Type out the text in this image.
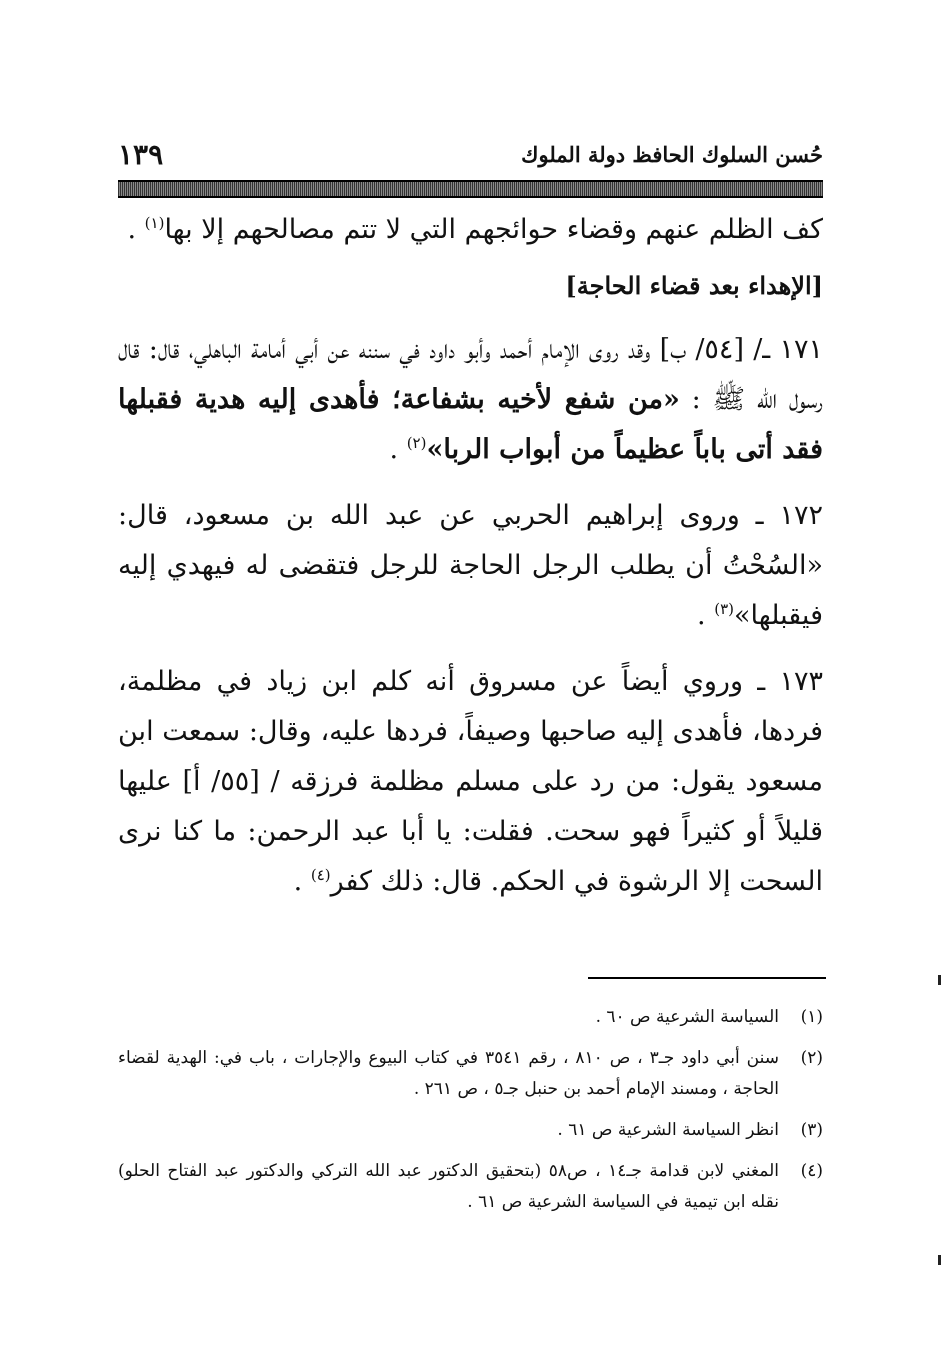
حُسن السلوك الحافظ دولة الملوك
١٣٩

كف الظلم عنهم وقضاء حوائجهم التي لا تتم مصالحهم إلا بها$^{(١)}$ .

[الإهداء بعد قضاء الحاجة]

١٧١ ـ/ [٥٤/ ب] وقد روى الإمام أحمد وأبو داود في سننه عن أبي أمامة الباهلي، قال: قال رسول الله ﷺ : «من شفع لأخيه بشفاعة؛ فأهدى إليه هدية فقبلها فقد أتى باباً عظيماً من أبواب الربا»$^{(٢)}$ .

١٧٢ ـ وروى إبراهيم الحربي عن عبد الله بن مسعود، قال: «السُحْتُ أن يطلب الرجل الحاجة للرجل فتقضى له فيهدي إليه فيقبلها»$^{(٣)}$ .

١٧٣ ـ وروي أيضاً عن مسروق أنه كلم ابن زياد في مظلمة، فردها، فأهدى إليه صاحبها وصيفاً، فردها عليه، وقال: سمعت ابن مسعود يقول: من رد على مسلم مظلمة فرزقه / [٥٥/ أ] عليها قليلاً أو كثيراً فهو سحت. فقلت: يا أبا عبد الرحمن: ما كنا نرى السحت إلا الرشوة في الحكم. قال: ذلك كفر$^{(٤)}$ .

(١)
السياسة الشرعية ص ٦٠ .
(٢)
سنن أبي داود جـ٣ ، ص ٨١٠ ، رقم ٣٥٤١ في كتاب البيوع والإجارات ، باب في: الهدية لقضاء الحاجة ، ومسند الإمام أحمد بن حنبل جـ٥ ، ص ٢٦١ .
(٣)
انظر السياسة الشرعية ص ٦١ .
(٤)
المغني لابن قدامة جـ١٤ ، ص٥٨ (بتحقيق الدكتور عبد الله التركي والدكتور عبد الفتاح الحلو) نقله ابن تيمية في السياسة الشرعية ص ٦١ .
